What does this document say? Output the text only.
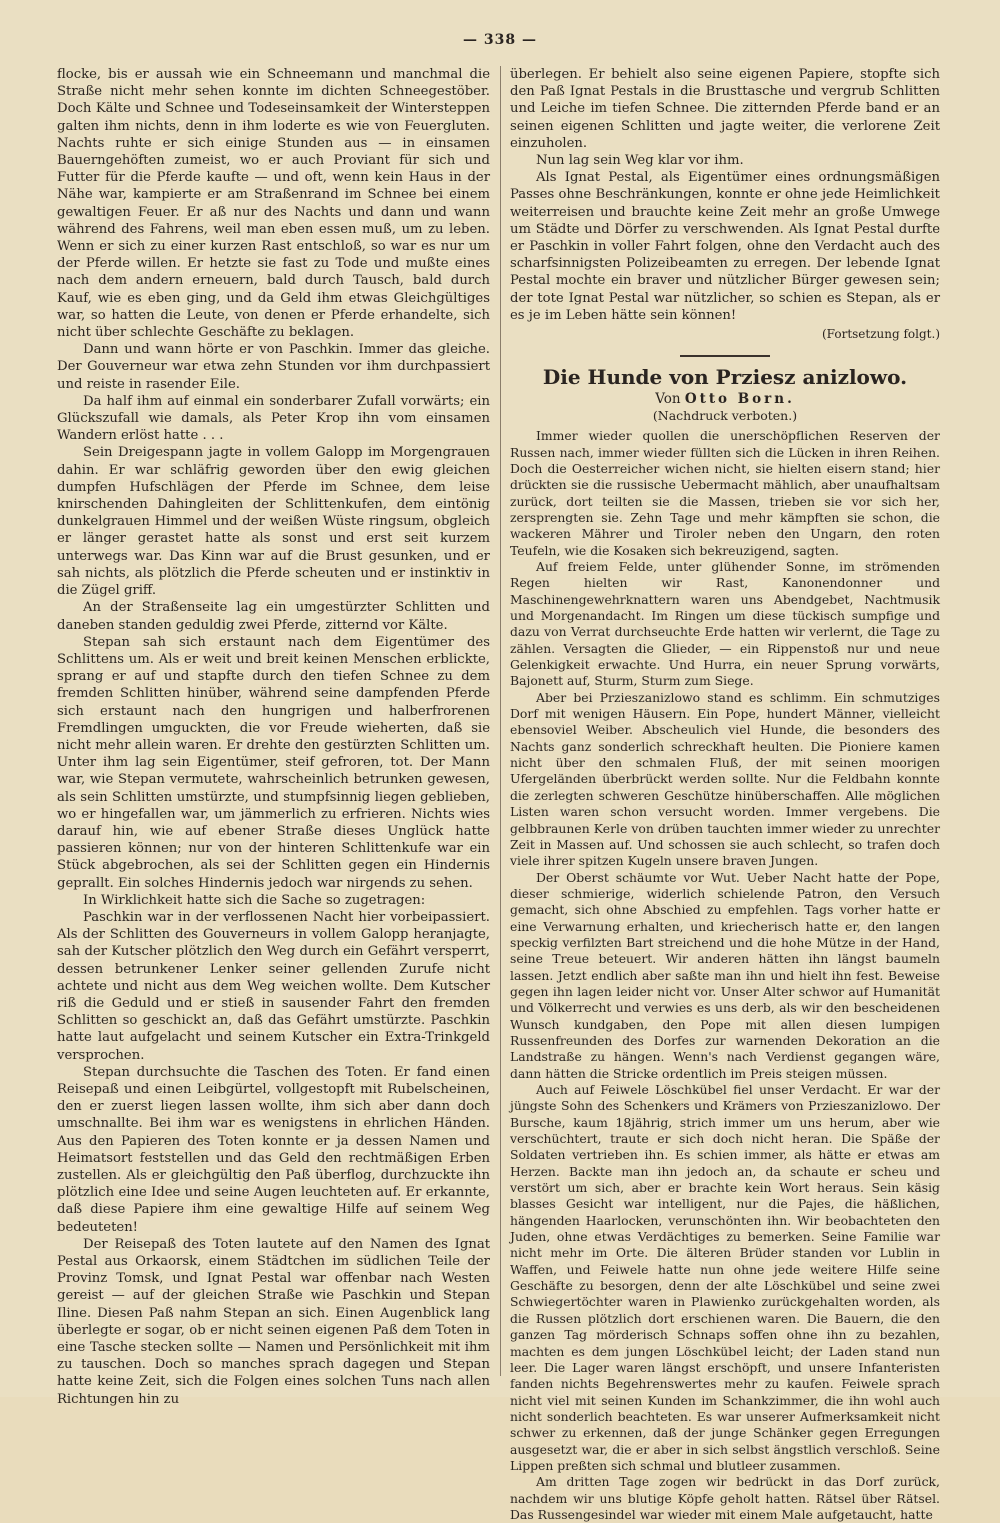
— 338 —

flocke, bis er aussah wie ein Schneemann und manchmal die Straße nicht mehr sehen konnte im dichten Schneegestöber. Doch Kälte und Schnee und Todeseinsamkeit der Wintersteppen galten ihm nichts, denn in ihm loderte es wie von Feuergluten. Nachts ruhte er sich einige Stunden aus — in einsamen Bauerngehöften zumeist, wo er auch Proviant für sich und Futter für die Pferde kaufte — und oft, wenn kein Haus in der Nähe war, kampierte er am Straßenrand im Schnee bei einem gewaltigen Feuer. Er aß nur des Nachts und dann und wann während des Fahrens, weil man eben essen muß, um zu leben. Wenn er sich zu einer kurzen Rast entschloß, so war es nur um der Pferde willen. Er hetzte sie fast zu Tode und mußte eines nach dem andern erneuern, bald durch Tausch, bald durch Kauf, wie es eben ging, und da Geld ihm etwas Gleichgültiges war, so hatten die Leute, von denen er Pferde erhandelte, sich nicht über schlechte Geschäfte zu beklagen.

Dann und wann hörte er von Paschkin. Immer das gleiche. Der Gouverneur war etwa zehn Stunden vor ihm durchpassiert und reiste in rasender Eile.

Da half ihm auf einmal ein sonderbarer Zufall vorwärts; ein Glückszufall wie damals, als Peter Krop ihn vom einsamen Wandern erlöst hatte . . .

Sein Dreigespann jagte in vollem Galopp im Morgengrauen dahin. Er war schläfrig geworden über den ewig gleichen dumpfen Hufschlägen der Pferde im Schnee, dem leise knirschenden Dahingleiten der Schlittenkufen, dem eintönig dunkelgrauen Himmel und der weißen Wüste ringsum, obgleich er länger gerastet hatte als sonst und erst seit kurzem unterwegs war. Das Kinn war auf die Brust gesunken, und er sah nichts, als plötzlich die Pferde scheuten und er instinktiv in die Zügel griff.

An der Straßenseite lag ein umgestürzter Schlitten und daneben standen geduldig zwei Pferde, zitternd vor Kälte.

Stepan sah sich erstaunt nach dem Eigentümer des Schlittens um. Als er weit und breit keinen Menschen erblickte, sprang er auf und stapfte durch den tiefen Schnee zu dem fremden Schlitten hinüber, während seine dampfenden Pferde sich erstaunt nach den hungrigen und halberfrorenen Fremdlingen umguckten, die vor Freude wieherten, daß sie nicht mehr allein waren. Er drehte den gestürzten Schlitten um. Unter ihm lag sein Eigentümer, steif gefroren, tot. Der Mann war, wie Stepan vermutete, wahrscheinlich betrunken gewesen, als sein Schlitten umstürzte, und stumpfsinnig liegen geblieben, wo er hingefallen war, um jämmerlich zu erfrieren. Nichts wies darauf hin, wie auf ebener Straße dieses Unglück hatte passieren können; nur von der hinteren Schlittenkufe war ein Stück abgebrochen, als sei der Schlitten gegen ein Hindernis geprallt. Ein solches Hindernis jedoch war nirgends zu sehen.

In Wirklichkeit hatte sich die Sache so zugetragen:

Paschkin war in der verflossenen Nacht hier vorbeipassiert. Als der Schlitten des Gouverneurs in vollem Galopp heranjagte, sah der Kutscher plötzlich den Weg durch ein Gefährt versperrt, dessen betrunkener Lenker seiner gellenden Zurufe nicht achtete und nicht aus dem Weg weichen wollte. Dem Kutscher riß die Geduld und er stieß in sausender Fahrt den fremden Schlitten so geschickt an, daß das Gefährt umstürzte. Paschkin hatte laut aufgelacht und seinem Kutscher ein Extra-Trinkgeld versprochen.

Stepan durchsuchte die Taschen des Toten. Er fand einen Reisepaß und einen Leibgürtel, vollgestopft mit Rubelscheinen, den er zuerst liegen lassen wollte, ihm sich aber dann doch umschnallte. Bei ihm war es wenigstens in ehrlichen Händen. Aus den Papieren des Toten konnte er ja dessen Namen und Heimatsort feststellen und das Geld den rechtmäßigen Erben zustellen. Als er gleichgültig den Paß überflog, durchzuckte ihn plötzlich eine Idee und seine Augen leuchteten auf. Er erkannte, daß diese Papiere ihm eine gewaltige Hilfe auf seinem Weg bedeuteten!

Der Reisepaß des Toten lautete auf den Namen des Ignat Pestal aus Orkaorsk, einem Städtchen im südlichen Teile der Provinz Tomsk, und Ignat Pestal war offenbar nach Westen gereist — auf der gleichen Straße wie Paschkin und Stepan Iline. Diesen Paß nahm Stepan an sich. Einen Augenblick lang überlegte er sogar, ob er nicht seinen eigenen Paß dem Toten in eine Tasche stecken sollte — Namen und Persönlichkeit mit ihm zu tauschen. Doch so manches sprach dagegen und Stepan hatte keine Zeit, sich die Folgen eines solchen Tuns nach allen Richtungen hin zu

überlegen. Er behielt also seine eigenen Papiere, stopfte sich den Paß Ignat Pestals in die Brusttasche und vergrub Schlitten und Leiche im tiefen Schnee. Die zitternden Pferde band er an seinen eigenen Schlitten und jagte weiter, die verlorene Zeit einzuholen.

Nun lag sein Weg klar vor ihm.

Als Ignat Pestal, als Eigentümer eines ordnungsmäßigen Passes ohne Beschränkungen, konnte er ohne jede Heimlichkeit weiterreisen und brauchte keine Zeit mehr an große Umwege um Städte und Dörfer zu verschwenden. Als Ignat Pestal durfte er Paschkin in voller Fahrt folgen, ohne den Verdacht auch des scharfsinnigsten Polizeibeamten zu erregen. Der lebende Ignat Pestal mochte ein braver und nützlicher Bürger gewesen sein; der tote Ignat Pestal war nützlicher, so schien es Stepan, als er es je im Leben hätte sein können!

(Fortsetzung folgt.)

Die Hunde von Prziesz anizlowo.
Von Otto Born.
(Nachdruck verboten.)

Immer wieder quollen die unerschöpflichen Reserven der Russen nach, immer wieder füllten sich die Lücken in ihren Reihen. Doch die Oesterreicher wichen nicht, sie hielten eisern stand; hier drückten sie die russische Uebermacht mählich, aber unaufhaltsam zurück, dort teilten sie die Massen, trieben sie vor sich her, zersprengten sie. Zehn Tage und mehr kämpften sie schon, die wackeren Mährer und Tiroler neben den Ungarn, den roten Teufeln, wie die Kosaken sich bekreuzigend, sagten.

Auf freiem Felde, unter glühender Sonne, im strömenden Regen hielten wir Rast, Kanonendonner und Maschinengewehrknattern waren uns Abendgebet, Nachtmusik und Morgenandacht. Im Ringen um diese tückisch sumpfige und dazu von Verrat durchseuchte Erde hatten wir verlernt, die Tage zu zählen. Versagten die Glieder, — ein Rippenstoß nur und neue Gelenkigkeit erwachte. Und Hurra, ein neuer Sprung vorwärts, Bajonett auf, Sturm, Sturm zum Siege.

Aber bei Przieszanizlowo stand es schlimm. Ein schmutziges Dorf mit wenigen Häusern. Ein Pope, hundert Männer, vielleicht ebensoviel Weiber. Abscheulich viel Hunde, die besonders des Nachts ganz sonderlich schreckhaft heulten. Die Pioniere kamen nicht über den schmalen Fluß, der mit seinen moorigen Ufergeländen überbrückt werden sollte. Nur die Feldbahn konnte die zerlegten schweren Geschütze hinüberschaffen. Alle möglichen Listen waren schon versucht worden. Immer vergebens. Die gelbbraunen Kerle von drüben tauchten immer wieder zu unrechter Zeit in Massen auf. Und schossen sie auch schlecht, so trafen doch viele ihrer spitzen Kugeln unsere braven Jungen.

Der Oberst schäumte vor Wut. Ueber Nacht hatte der Pope, dieser schmierige, widerlich schielende Patron, den Versuch gemacht, sich ohne Abschied zu empfehlen. Tags vorher hatte er eine Verwarnung erhalten, und kriecherisch hatte er, den langen speckig verfilzten Bart streichend und die hohe Mütze in der Hand, seine Treue beteuert. Wir anderen hätten ihn längst baumeln lassen. Jetzt endlich aber saßte man ihn und hielt ihn fest. Beweise gegen ihn lagen leider nicht vor. Unser Alter schwor auf Humanität und Völkerrecht und verwies es uns derb, als wir den bescheidenen Wunsch kundgaben, den Pope mit allen diesen lumpigen Russenfreunden des Dorfes zur warnenden Dekoration an die Landstraße zu hängen. Wenn's nach Verdienst gegangen wäre, dann hätten die Stricke ordentlich im Preis steigen müssen.

Auch auf Feiwele Löschkübel fiel unser Verdacht. Er war der jüngste Sohn des Schenkers und Krämers von Przieszanizlowo. Der Bursche, kaum 18jährig, strich immer um uns herum, aber wie verschüchtert, traute er sich doch nicht heran. Die Späße der Soldaten vertrieben ihn. Es schien immer, als hätte er etwas am Herzen. Backte man ihn jedoch an, da schaute er scheu und verstört um sich, aber er brachte kein Wort heraus. Sein käsig blasses Gesicht war intelligent, nur die Pajes, die häßlichen, hängenden Haarlocken, verunschönten ihn. Wir beobachteten den Juden, ohne etwas Verdächtiges zu bemerken. Seine Familie war nicht mehr im Orte. Die älteren Brüder standen vor Lublin in Waffen, und Feiwele hatte nun ohne jede weitere Hilfe seine Geschäfte zu besorgen, denn der alte Löschkübel und seine zwei Schwiegertöchter waren in Plawienko zurückgehalten worden, als die Russen plötzlich dort erschienen waren. Die Bauern, die den ganzen Tag mörderisch Schnaps soffen ohne ihn zu bezahlen, machten es dem jungen Löschkübel leicht; der Laden stand nun leer. Die Lager waren längst erschöpft, und unsere Infanteristen fanden nichts Begehrenswertes mehr zu kaufen. Feiwele sprach nicht viel mit seinen Kunden im Schankzimmer, die ihn wohl auch nicht sonderlich beachteten. Es war unserer Aufmerksamkeit nicht schwer zu erkennen, daß der junge Schänker gegen Erregungen ausgesetzt war, die er aber in sich selbst ängstlich verschloß. Seine Lippen preßten sich schmal und blutleer zusammen.

Am dritten Tage zogen wir bedrückt in das Dorf zurück, nachdem wir uns blutige Köpfe geholt hatten. Rätsel über Rätsel. Das Russengesindel war wieder mit einem Male aufgetaucht, hatte
